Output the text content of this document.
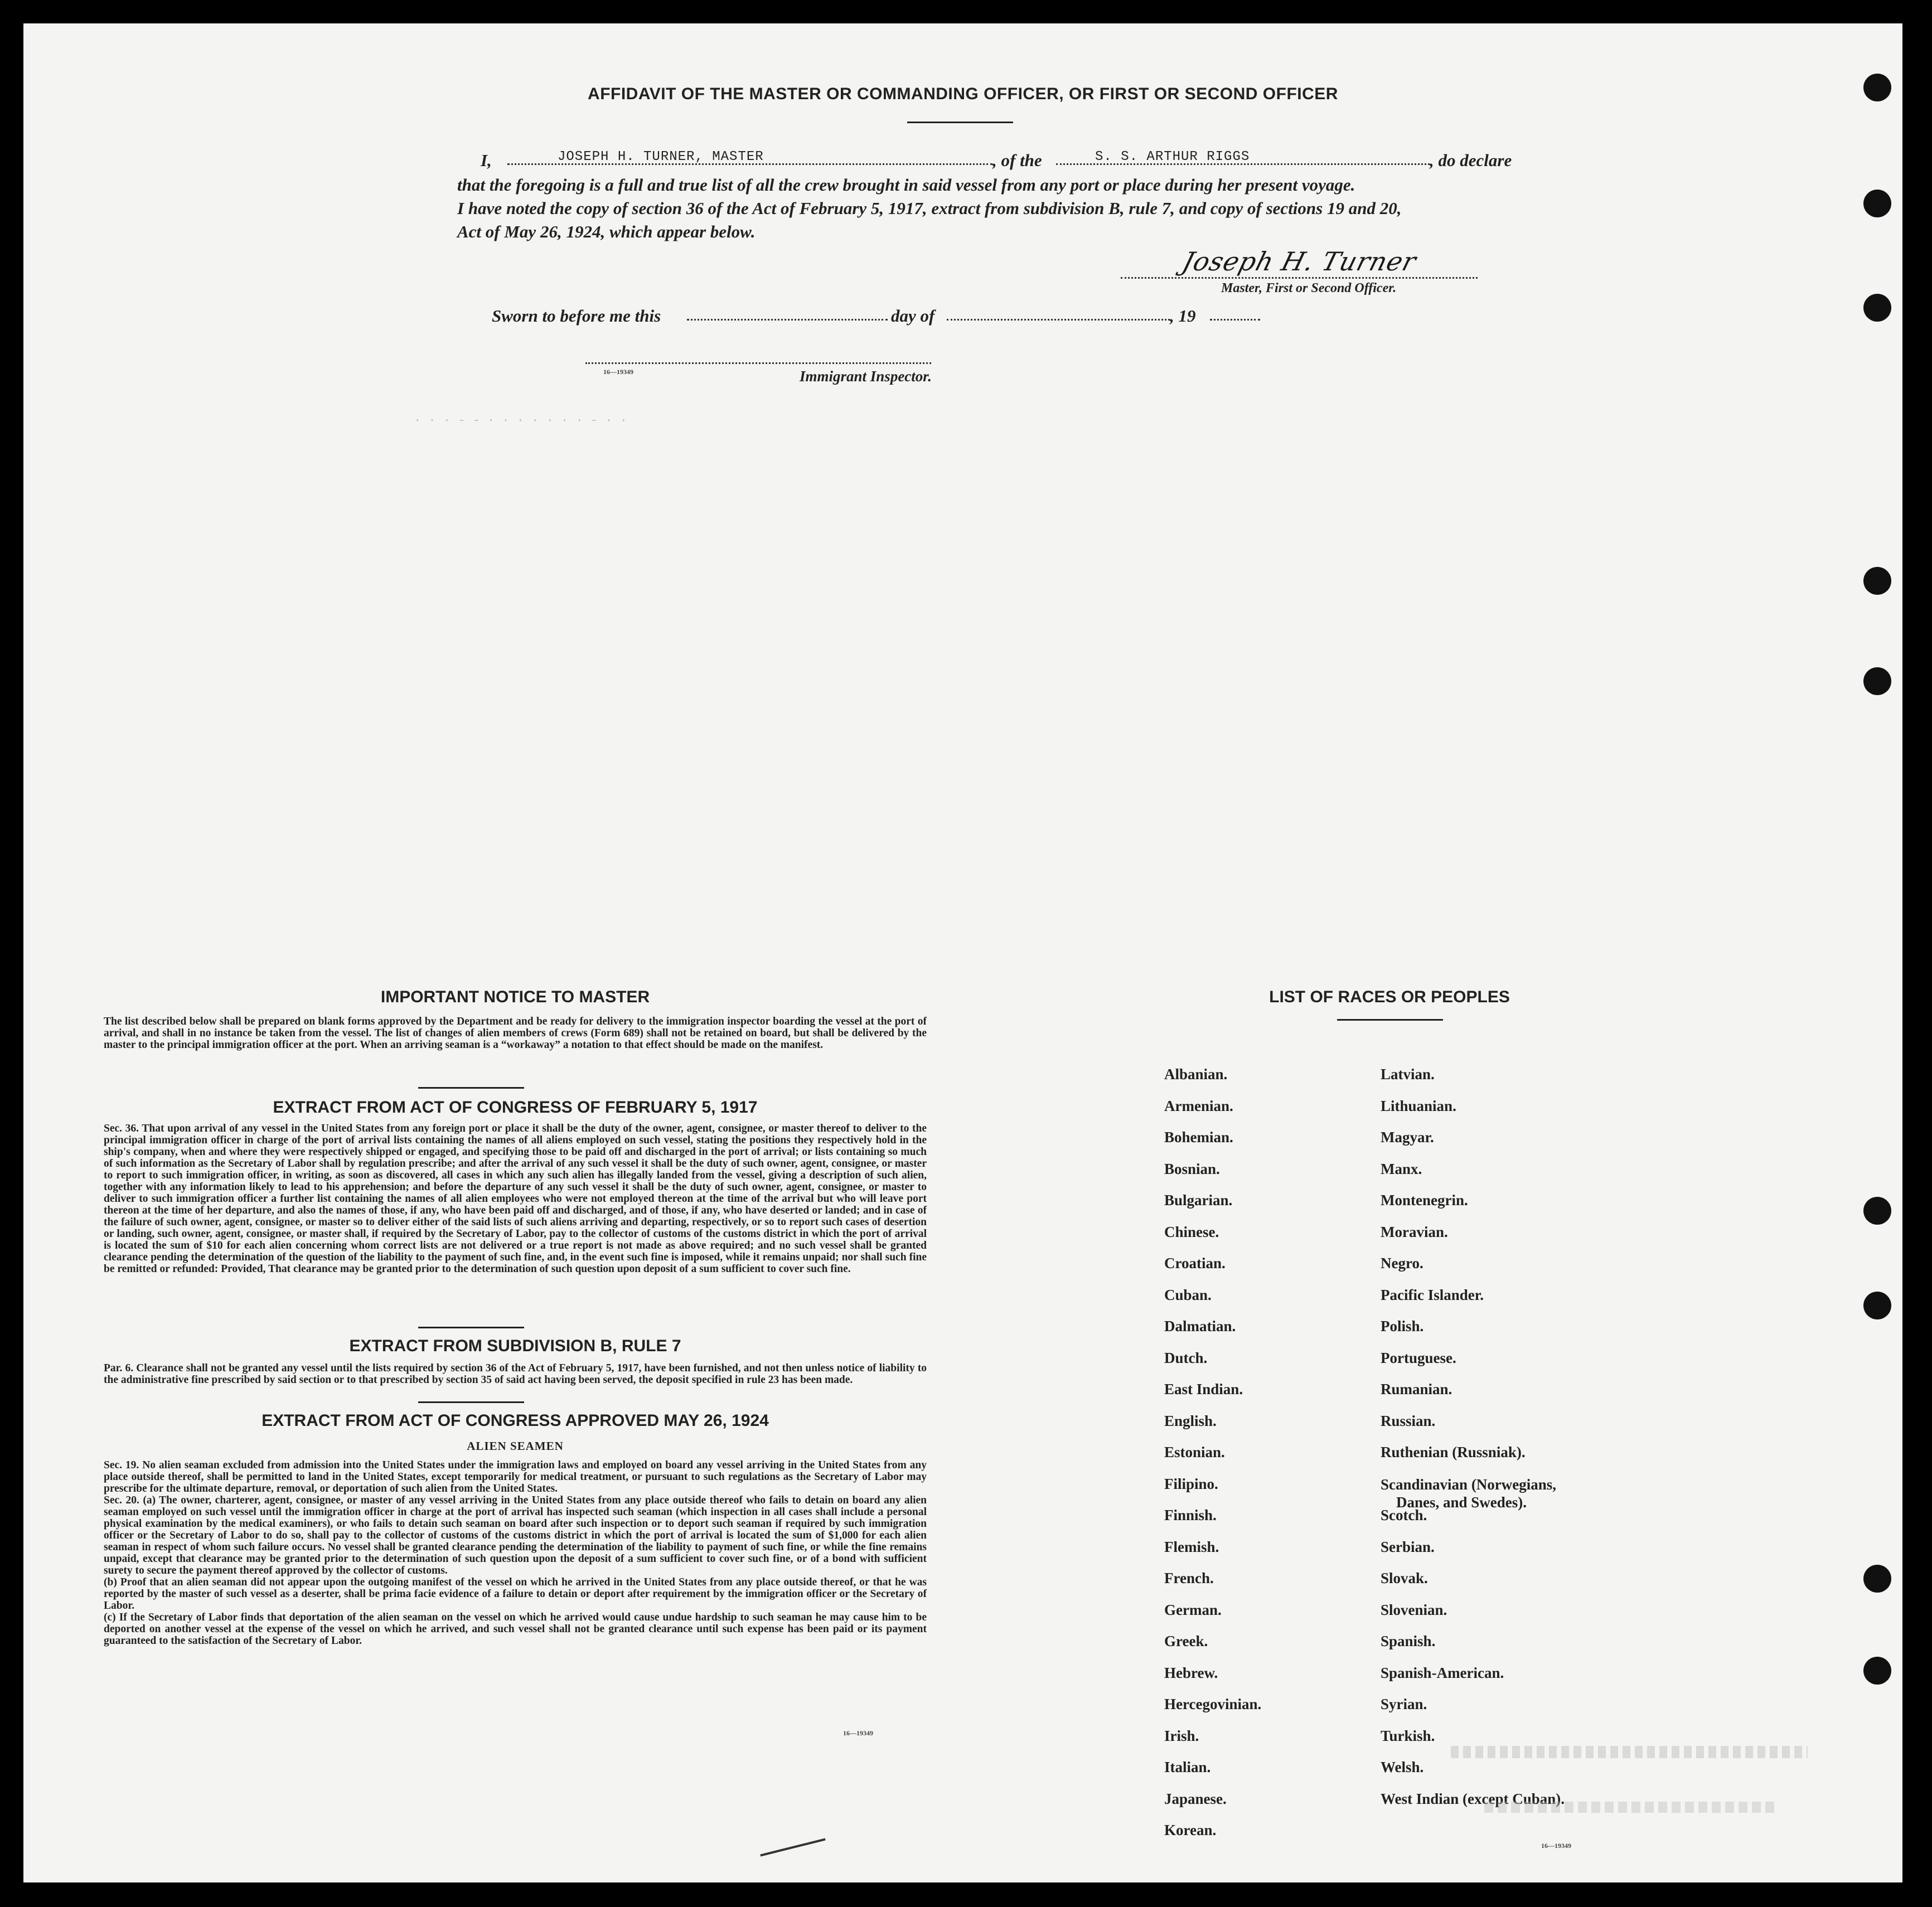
· · · - - · · · · · · · - · ·
AFFIDAVIT OF THE MASTER OR COMMANDING OFFICER, OR FIRST OR SECOND OFFICER
I,	JOSEPH H. TURNER, MASTER	, of the	S. S. ARTHUR RIGGS	, do declare
that the foregoing is a full and true list of all the crew brought in said vessel from any port or place during her present voyage.
I have noted the copy of section 36 of the Act of February 5, 1917, extract from subdivision B, rule 7, and copy of sections 19 and 20,
Act of May 26, 1924, which appear below.
Joseph H. Turner
Master, First or Second Officer.
Sworn to before me this	day of	, 19
16—19349	Immigrant Inspector.
IMPORTANT NOTICE TO MASTER
The list described below shall be prepared on blank forms approved by the Department and be ready for delivery to the immigration inspector boarding the vessel at the port of arrival, and shall in no instance be taken from the vessel. The list of changes of alien members of crews (Form 689) shall not be retained on board, but shall be delivered by the master to the principal immigration officer at the port. When an arriving seaman is a “workaway” a notation to that effect should be made on the manifest.
EXTRACT FROM ACT OF CONGRESS OF FEBRUARY 5, 1917
Sec. 36. That upon arrival of any vessel in the United States from any foreign port or place it shall be the duty of the owner, agent, consignee, or master thereof to deliver to the principal immigration officer in charge of the port of arrival lists containing the names of all aliens employed on such vessel, stating the positions they respectively hold in the ship's company, when and where they were respectively shipped or engaged, and specifying those to be paid off and discharged in the port of arrival; or lists containing so much of such information as the Secretary of Labor shall by regulation prescribe; and after the arrival of any such vessel it shall be the duty of such owner, agent, consignee, or master to report to such immigration officer, in writing, as soon as discovered, all cases in which any such alien has illegally landed from the vessel, giving a description of such alien, together with any information likely to lead to his apprehension; and before the departure of any such vessel it shall be the duty of such owner, agent, consignee, or master to deliver to such immigration officer a further list containing the names of all alien employees who were not employed thereon at the time of the arrival but who will leave port thereon at the time of her departure, and also the names of those, if any, who have been paid off and discharged, and of those, if any, who have deserted or landed; and in case of the failure of such owner, agent, consignee, or master so to deliver either of the said lists of such aliens arriving and departing, respectively, or so to report such cases of desertion or landing, such owner, agent, consignee, or master shall, if required by the Secretary of Labor, pay to the collector of customs of the customs district in which the port of arrival is located the sum of $10 for each alien concerning whom correct lists are not delivered or a true report is not made as above required; and no such vessel shall be granted clearance pending the determination of the question of the liability to the payment of such fine, and, in the event such fine is imposed, while it remains unpaid; nor shall such fine be remitted or refunded: Provided, That clearance may be granted prior to the determination of such question upon deposit of a sum sufficient to cover such fine.
EXTRACT FROM SUBDIVISION B, RULE 7
Par. 6. Clearance shall not be granted any vessel until the lists required by section 36 of the Act of February 5, 1917, have been furnished, and not then unless notice of liability to the administrative fine prescribed by said section or to that prescribed by section 35 of said act having been served, the deposit specified in rule 23 has been made.
EXTRACT FROM ACT OF CONGRESS APPROVED MAY 26, 1924
ALIEN SEAMEN
Sec. 19. No alien seaman excluded from admission into the United States under the immigration laws and employed on board any vessel arriving in the United States from any place outside thereof, shall be permitted to land in the United States, except temporarily for medical treatment, or pursuant to such regulations as the Secretary of Labor may prescribe for the ultimate departure, removal, or deportation of such alien from the United States.
Sec. 20. (a) The owner, charterer, agent, consignee, or master of any vessel arriving in the United States from any place outside thereof who fails to detain on board any alien seaman employed on such vessel until the immigration officer in charge at the port of arrival has inspected such seaman (which inspection in all cases shall include a personal physical examination by the medical examiners), or who fails to detain such seaman on board after such inspection or to deport such seaman if required by such immigration officer or the Secretary of Labor to do so, shall pay to the collector of customs of the customs district in which the port of arrival is located the sum of $1,000 for each alien seaman in respect of whom such failure occurs. No vessel shall be granted clearance pending the determination of the liability to payment of such fine, or while the fine remains unpaid, except that clearance may be granted prior to the determination of such question upon the deposit of a sum sufficient to cover such fine, or of a bond with sufficient surety to secure the payment thereof approved by the collector of customs.
(b) Proof that an alien seaman did not appear upon the outgoing manifest of the vessel on which he arrived in the United States from any place outside thereof, or that he was reported by the master of such vessel as a deserter, shall be prima facie evidence of a failure to detain or deport after requirement by the immigration officer or the Secretary of Labor.
(c) If the Secretary of Labor finds that deportation of the alien seaman on the vessel on which he arrived would cause undue hardship to such seaman he may cause him to be deported on another vessel at the expense of the vessel on which he arrived, and such vessel shall not be granted clearance until such expense has been paid or its payment guaranteed to the satisfaction of the Secretary of Labor.
16—19349
LIST OF RACES OR PEOPLES
Albanian.
Armenian.
Bohemian.
Bosnian.
Bulgarian.
Chinese.
Croatian.
Cuban.
Dalmatian.
Dutch.
East Indian.
English.
Estonian.
Filipino.
Finnish.
Flemish.
French.
German.
Greek.
Hebrew.
Hercegovinian.
Irish.
Italian.
Japanese.
Korean.
Latvian.
Lithuanian.
Magyar.
Manx.
Montenegrin.
Moravian.
Negro.
Pacific Islander.
Polish.
Portuguese.
Rumanian.
Russian.
Ruthenian (Russniak).
Scandinavian (Norwegians,
Danes, and Swedes).
Scotch.
Serbian.
Slovak.
Slovenian.
Spanish.
Spanish-American.
Syrian.
Turkish.
Welsh.
West Indian (except Cuban).
16—19349
